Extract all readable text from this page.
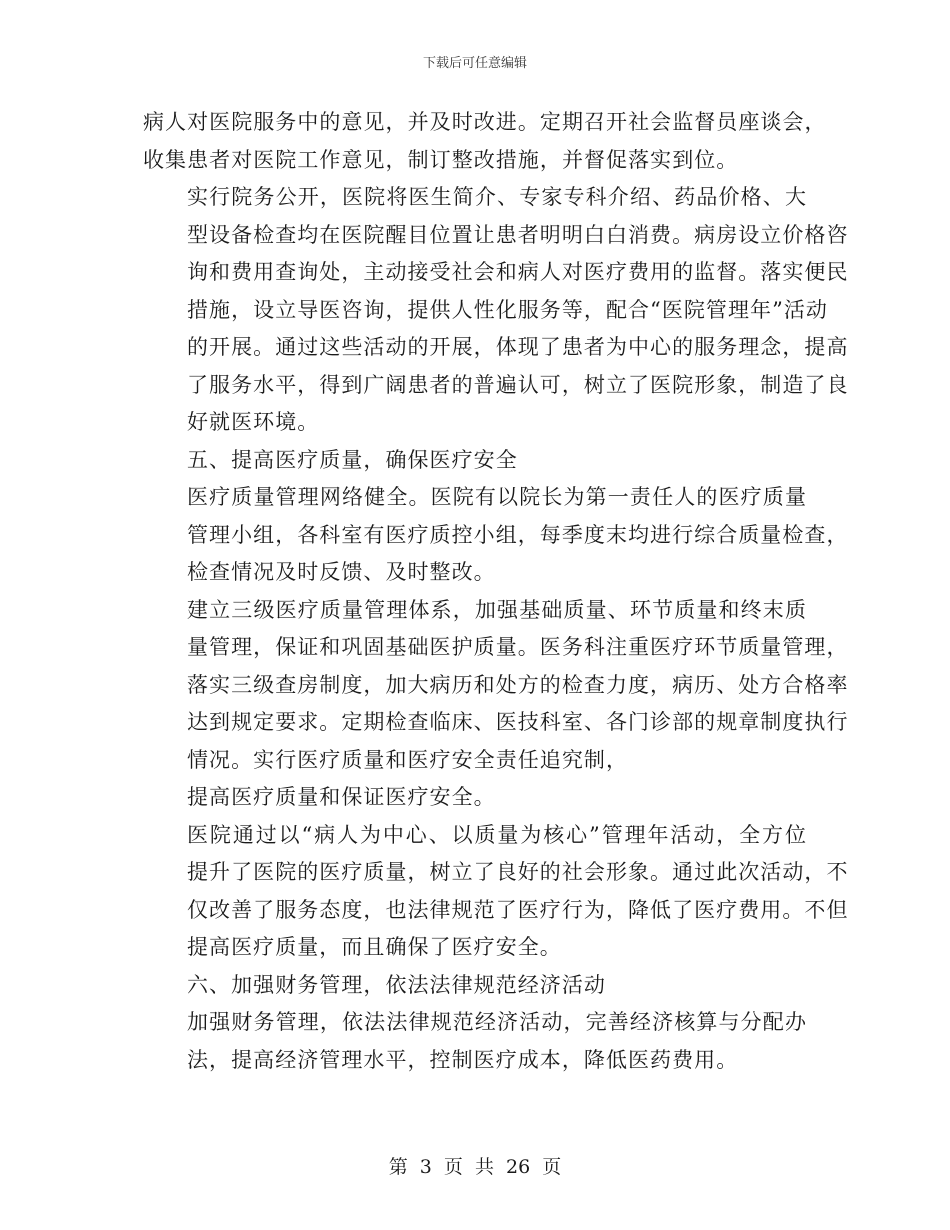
下载后可任意编辑

病人对医院服务中的意见，并及时改进。定期召开社会监督员座谈会，
收集患者对医院工作意见，制订整改措施，并督促落实到位。

实行院务公开，医院将医生简介、专家专科介绍、药品价格、大
型设备检查均在医院醒目位置让患者明明白白消费。病房设立价格咨
询和费用查询处，主动接受社会和病人对医疗费用的监督。落实便民
措施，设立导医咨询，提供人性化服务等，配合“医院管理年”活动
的开展。通过这些活动的开展，体现了患者为中心的服务理念，提高
了服务水平，得到广阔患者的普遍认可，树立了医院形象，制造了良
好就医环境。

五、提高医疗质量，确保医疗安全

医疗质量管理网络健全。医院有以院长为第一责任人的医疗质量
管理小组，各科室有医疗质控小组，每季度末均进行综合质量检查，
检查情况及时反馈、及时整改。

建立三级医疗质量管理体系，加强基础质量、环节质量和终末质
量管理，保证和巩固基础医护质量。医务科注重医疗环节质量管理，
落实三级查房制度，加大病历和处方的检查力度，病历、处方合格率
达到规定要求。定期检查临床、医技科室、各门诊部的规章制度执行
情况。实行医疗质量和医疗安全责任追究制，

提高医疗质量和保证医疗安全。

医院通过以“病人为中心、以质量为核心”管理年活动，全方位
提升了医院的医疗质量，树立了良好的社会形象。通过此次活动，不
仅改善了服务态度，也法律规范了医疗行为，降低了医疗费用。不但
提高医疗质量，而且确保了医疗安全。

六、加强财务管理，依法法律规范经济活动

加强财务管理，依法法律规范经济活动，完善经济核算与分配办
法，提高经济管理水平，控制医疗成本，降低医药费用。

第 3 页 共 26 页
